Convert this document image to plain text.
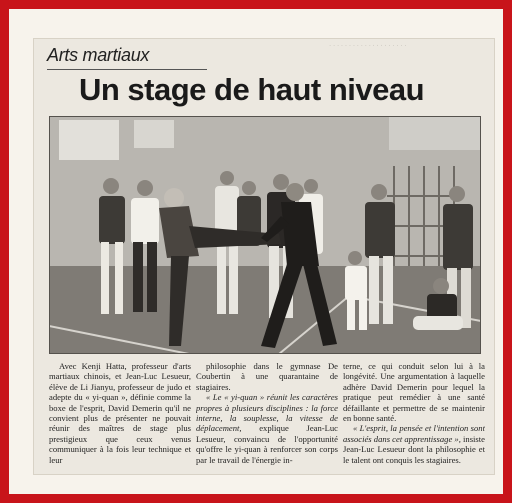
· · · · · · · · · · · · · · · · · · · ·
Arts martiaux
Un stage de haut niveau

Avec Kenji Hatta, professeur d'arts martiaux chinois, et Jean-Luc Lesueur, élève de Li Jianyu, professeur de judo et adepte du « yi-quan », définie comme la boxe de l'esprit, David Demerin qu'il ne convient plus de présenter ne pouvait réunir des maîtres de stage plus prestigieux que ceux venus communiquer à la fois leur technique et leur

philosophie dans le gymnase De Coubertin à une quarantaine de stagiaires.

« Le « yi-quan » réunit les caractères propres à plusieurs disciplines : la force interne, la souplesse, la vitesse de déplacement, explique Jean-Luc Lesueur, convaincu de l'opportunité qu'offre le yi-quan à renforcer son corps par le travail de l'énergie in-

terne, ce qui conduit selon lui à la longévité. Une argumentation à laquelle adhère David Demerin pour lequel la pratique peut remédier à une santé défaillante et permettre de se maintenir en bonne santé.

« L'esprit, la pensée et l'intention sont associés dans cet apprentissage », insiste Jean-Luc Lesueur dont la philosophie et le talent ont conquis les stagiaires.
